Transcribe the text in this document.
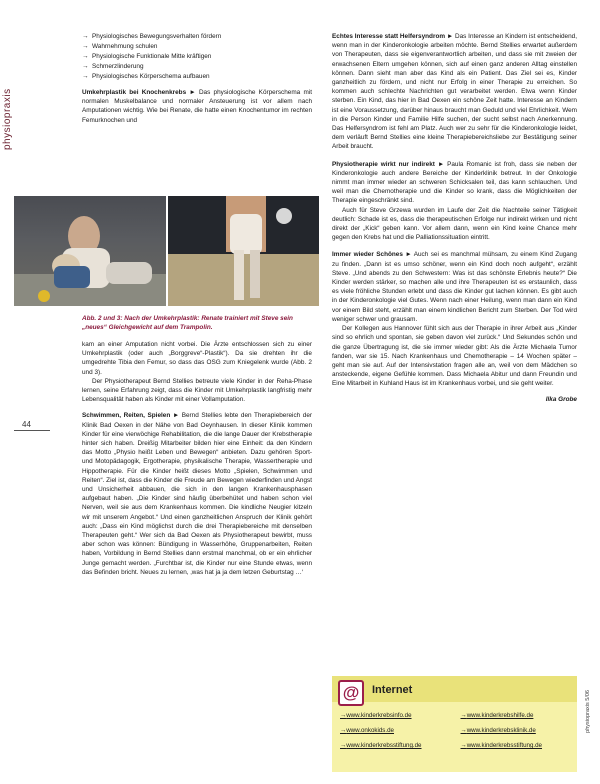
physiopraxis
44
→ Physiologisches Bewegungsverhalten fördern
→ Wahrnehmung schulen
→ Physiologische Funktionale Mitte kräftigen
→ Schmerzlinderung
→ Physiologisches Körperschema aufbauen

Umkehrplastik bei Knochenkrebs ► Das physiologische Körperschema mit normalen Muskelbalance und normaler Ansteuerung ist vor allem nach Amputationen wichtig. Wie bei Renate, die hatte einen Knochentumor im rechten Femurknochen und

Abb. 2 und 3: Nach der Umkehrplastik: Renate trainiert mit Steve sein „neues“ Gleichgewicht auf dem Trampolin.

kam an einer Amputation nicht vorbei. Die Ärzte entschlossen sich zu einer Umkehrplastik (oder auch „Borggreve“-Plastik“). Da sie drehten ihr die umgedrehte Tibia den Femur, so dass das OSG zum Kniegelenk wurde (Abb. 2 und 3).

Der Physiotherapeut Bernd Stellies betreute viele Kinder in der Reha-Phase lernen, seine Erfahrung zeigt, dass die Kinder mit Umkehrplastik langfristig mehr Lebensqualität haben als Kinder mit einer Vollamputation.

Schwimmen, Reiten, Spielen ► Bernd Stellies lebte den Therapiebereich der Klinik Bad Oexen in der Nähe von Bad Oeynhausen. In dieser Klinik kommen Kinder für eine vierwöchige Rehabilitation, die die lange Dauer der Krebstherapie hinter sich haben. Dreißig Mitarbeiter bilden hier eine Einheit: da den Kindern das Motto „Physio heißt Leben und Bewegen“ anbieten. Dazu gehören Sport- und Motopädagogik, Ergotherapie, physikalische Therapie, Wassertherapie und Hippotherapie. Für die Kinder heißt dieses Motto „Spielen, Schwimmen und Reiten“. Ziel ist, dass die Kinder die Freude am Bewegen wiederfinden und Angst und Unsicherheit abbauen, die sich in den langen Krankenhausphasen aufgebaut haben. „Die Kinder sind häufig überbehütet und haben schon viel Nerven, weil sie aus dem Krankenhaus kommen. Die kindliche Neugier kitzeln wir mit unserem Angebot.“ Und einen ganzheitlichen Anspruch der Klinik gehört auch: „Dass ein Kind möglichst durch die drei Therapiebereiche mit denselben Therapeuten geht.“ Wer sich da Bad Oexen als Physiotherapeut bewirbt, muss aber schon was können: Bündigung in Wasserhöhe, Gruppenarbeiten, Reiten haben, Vorbildung in Bernd Stellies dann erstmal manchmal, ob er ein ehrlicher Junge gemacht werden. „Furchtbar ist, die Kinder nur eine Stunde etwas, wenn das Befinden bricht. Neues zu lernen, ‚was hat ja ja dem letzen Geburtstag …‘

Echtes Interesse statt Helfersyndrom ► Das Interesse an Kindern ist entscheidend, wenn man in der Kinderonkologie arbeiten möchte. Bernd Stellies erwartet außerdem von Therapeuten, dass sie eigenverantwortlich arbeiten, und dass sie mit zweien der erwachsenen Eltern umgehen können, sich auf einen ganz anderen Alltag einstellen können. Dann sieht man aber das Kind als ein Patient. Das Ziel sei es, Kinder ganzheitlich zu fördern, und nicht nur Erfolg in einer Therapie zu erreichen. So kommen auch schlechte Nachrichten gut verarbeitet werden. Etwa wenn Kinder sterben. Ein Kind, das hier in Bad Oexen ein schöne Zeit hatte. Interesse an Kindern ist eine Voraussetzung, darüber hinaus braucht man Geduld und viel Ehrlichkeit. Wem in die Person Kinder und Familie Hilfe suchen, der sucht selbst nach Anerkennung. Das Helfersyndrom ist fehl am Platz. Auch wer zu sehr für die Kinderonkologie leidet, dem verläuft Bernd Stellies eine kleine Therapiebereichsliebe zur Bestätigung seiner Arbeit braucht.

Physiotherapie wirkt nur indirekt ► Paula Romanic ist froh, dass sie neben der Kinderonkologie auch andere Bereiche der Kinderklinik betreut. In der Onkologie nimmt man immer wieder an schweren Schicksalen teil, das kann schlauchen. Und weil man die Chemotherapie und die Kinder so krank, dass die Möglichkeiten der Therapie eingeschränkt sind.

Auch für Steve Grzewa wurden im Laufe der Zeit die Nachteile seiner Tätigkeit deutlich: Schade ist es, dass die therapeutischen Erfolge nur indirekt wirken und nicht direkt der „Kick“ geben kann. Vor allem dann, wenn ein Kind keine Chance mehr gegen den Krebs hat und die Palliationssituation eintritt.

Immer wieder Schönes ► Auch sei es manchmal mühsam, zu einem Kind Zugang zu finden. „Dann ist es umso schöner, wenn ein Kind doch noch aufgeht“, erzählt Steve. „Und abends zu den Schwestern: Was ist das schönste Erlebnis heute?“ Die Kinder werden stärker, so machen alle und ihre Therapeuten ist es erstaunlich, dass es viele fröhliche Stunden erlebt und dass die Kinder gut lachen können. Es gibt auch in der Kinderonkologie viel Gutes. Wenn nach einer Heilung, wenn man dann ein Kind vor einem Bild steht, erzählt man einem kindlichen Bericht zum Sterben. Der Tod wird weniger schwer und grausam.

Der Kollegen aus Hannover fühlt sich aus der Therapie in ihrer Arbeit aus „Kinder sind so ehrlich und spontan, sie geben davon viel zurück.“ Und Sekundes schön und die ganze Übertragung ist, die sie immer wieder gibt: Als die Ärzte Michaela Tumor fanden, war sie 15. Nach Krankenhaus und Chemotherapie – 14 Wochen später – geht man sie auf. Auf der Intensivstation fragen alle an, weil von dem Mädchen so ansteckende, eigene Gefühle kommen. Dass Michaela Abitur und dann Freundin und Eine Mitarbeit in Kuhland Haus ist im Krankenhaus vorbei, und sie geht weiter.

Ilka Grobe

@	Internet
→ www.kinderkrebsinfo.de	→ www.kinderkrebshilfe.de
→ www.onkokids.de	→ www.kinderkrebsklinik.de
→ www.kinderkrebsstiftung.de	→ www.kinderkrebsstiftung.de
physiopraxis 5/06
